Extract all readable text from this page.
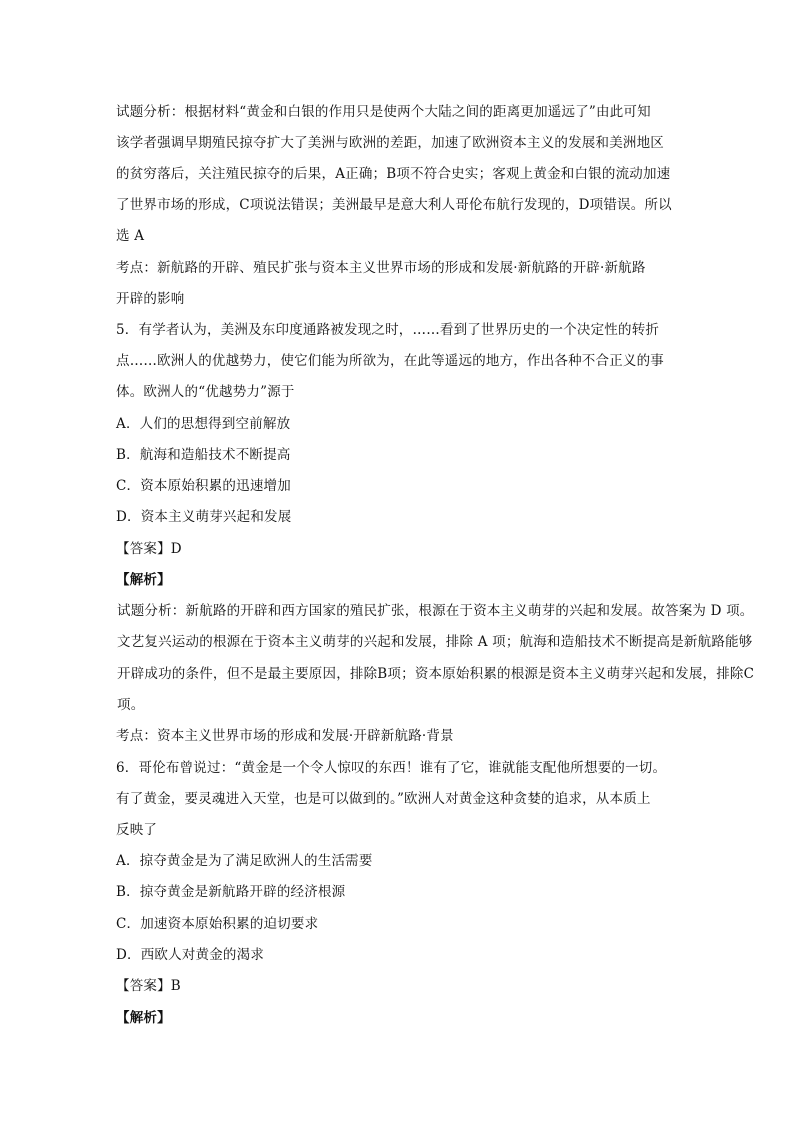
试题分析：根据材料“黄金和白银的作用只是使两个大陆之间的距离更加遥远了”由此可知
该学者强调早期殖民掠夺扩大了美洲与欧洲的差距，加速了欧洲资本主义的发展和美洲地区
的贫穷落后，关注殖民掠夺的后果，A正确；B项不符合史实；客观上黄金和白银的流动加速
了世界市场的形成，C项说法错误；美洲最早是意大利人哥伦布航行发现的，D项错误。所以
选 A
考点：新航路的开辟、殖民扩张与资本主义世界市场的形成和发展·新航路的开辟·新航路
开辟的影响
5．有学者认为，美洲及东印度通路被发现之时，……看到了世界历史的一个决定性的转折
点……欧洲人的优越势力，使它们能为所欲为，在此等遥远的地方，作出各种不合正义的事
体。欧洲人的“优越势力”源于
A．人们的思想得到空前解放
B．航海和造船技术不断提高
C．资本原始积累的迅速增加
D．资本主义萌芽兴起和发展
【答案】D
【解析】
试题分析：新航路的开辟和西方国家的殖民扩张，根源在于资本主义萌芽的兴起和发展。故答案为 D 项。
文艺复兴运动的根源在于资本主义萌芽的兴起和发展，排除 A 项；航海和造船技术不断提高是新航路能够
开辟成功的条件，但不是最主要原因，排除B项；资本原始积累的根源是资本主义萌芽兴起和发展，排除C
项。
考点：资本主义世界市场的形成和发展·开辟新航路·背景
6．哥伦布曾说过：“黄金是一个令人惊叹的东西！谁有了它，谁就能支配他所想要的一切。
有了黄金，要灵魂进入天堂，也是可以做到的。”欧洲人对黄金这种贪婪的追求，从本质上
反映了
A．掠夺黄金是为了满足欧洲人的生活需要
B．掠夺黄金是新航路开辟的经济根源
C．加速资本原始积累的迫切要求
D．西欧人对黄金的渴求
【答案】B
【解析】
